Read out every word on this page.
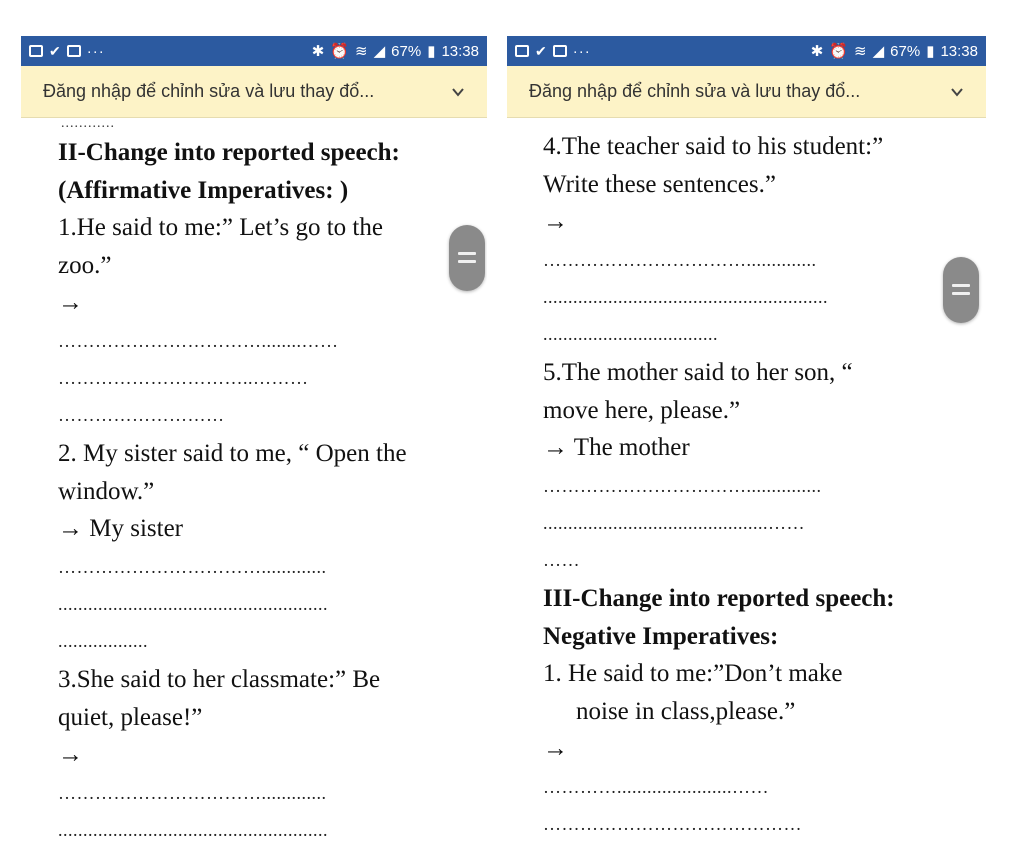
✔ ···	✱ ⏰ ≋ ◢ 67% ▮ 13:38
Đăng nhập để chỉnh sửa và lưu thay đổ...
............
II-Change into reported speech:
(Affirmative Imperatives: )
1.He said to me:” Let’s go to the
zoo.”
→
……………………………........……
…………………………..………
………………………
2. My sister said to me, “ Open the
window.”
→ My sister
…………………………….............
......................................................
..................
3.She said to her classmate:” Be
quiet, please!”
→
…………………………….............
......................................................
✔ ···	✱ ⏰ ≋ ◢ 67% ▮ 13:38
Đăng nhập để chỉnh sửa và lưu thay đổ...
4.The teacher said to his student:”
Write these sentences.”
→
……………………………..............
.........................................................
...................................
5.The mother said to her son, “
move here, please.”
→ The mother
……………………………...............
.............................................……
……
III-Change into reported speech:
Negative Imperatives:
1. He said to me:”Don’t make
noise in class,please.”
→
………….......................……
……………………………………
